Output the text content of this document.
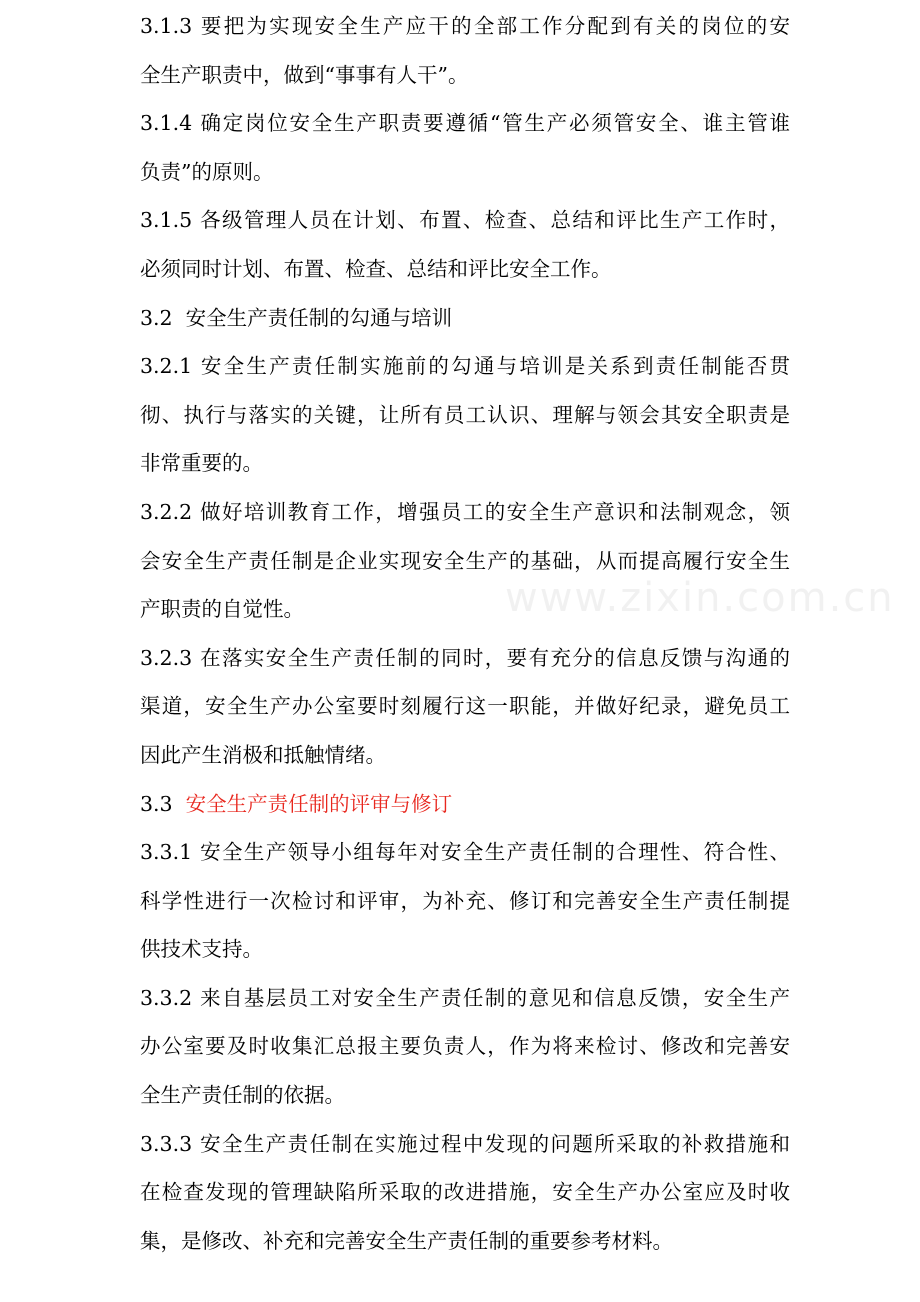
www.zixin.com.cn
3.1.3 要把为实现安全生产应干的全部工作分配到有关的岗位的安
全生产职责中，做到“事事有人干”。
3.1.4 确定岗位安全生产职责要遵循“管生产必须管安全、谁主管谁
负责”的原则。
3.1.5 各级管理人员在计划、布置、检查、总结和评比生产工作时，
必须同时计划、布置、检查、总结和评比安全工作。
3.2 安全生产责任制的勾通与培训
3.2.1 安全生产责任制实施前的勾通与培训是关系到责任制能否贯
彻、执行与落实的关键，让所有员工认识、理解与领会其安全职责是
非常重要的。
3.2.2 做好培训教育工作，增强员工的安全生产意识和法制观念，领
会安全生产责任制是企业实现安全生产的基础，从而提高履行安全生
产职责的自觉性。
3.2.3 在落实安全生产责任制的同时，要有充分的信息反馈与沟通的
渠道，安全生产办公室要时刻履行这一职能，并做好纪录，避免员工
因此产生消极和抵触情绪。
3.3 安全生产责任制的评审与修订
3.3.1 安全生产领导小组每年对安全生产责任制的合理性、符合性、
科学性进行一次检讨和评审，为补充、修订和完善安全生产责任制提
供技术支持。
3.3.2 来自基层员工对安全生产责任制的意见和信息反馈，安全生产
办公室要及时收集汇总报主要负责人，作为将来检讨、修改和完善安
全生产责任制的依据。
3.3.3 安全生产责任制在实施过程中发现的问题所采取的补救措施和
在检查发现的管理缺陷所采取的改进措施，安全生产办公室应及时收
集，是修改、补充和完善安全生产责任制的重要参考材料。
